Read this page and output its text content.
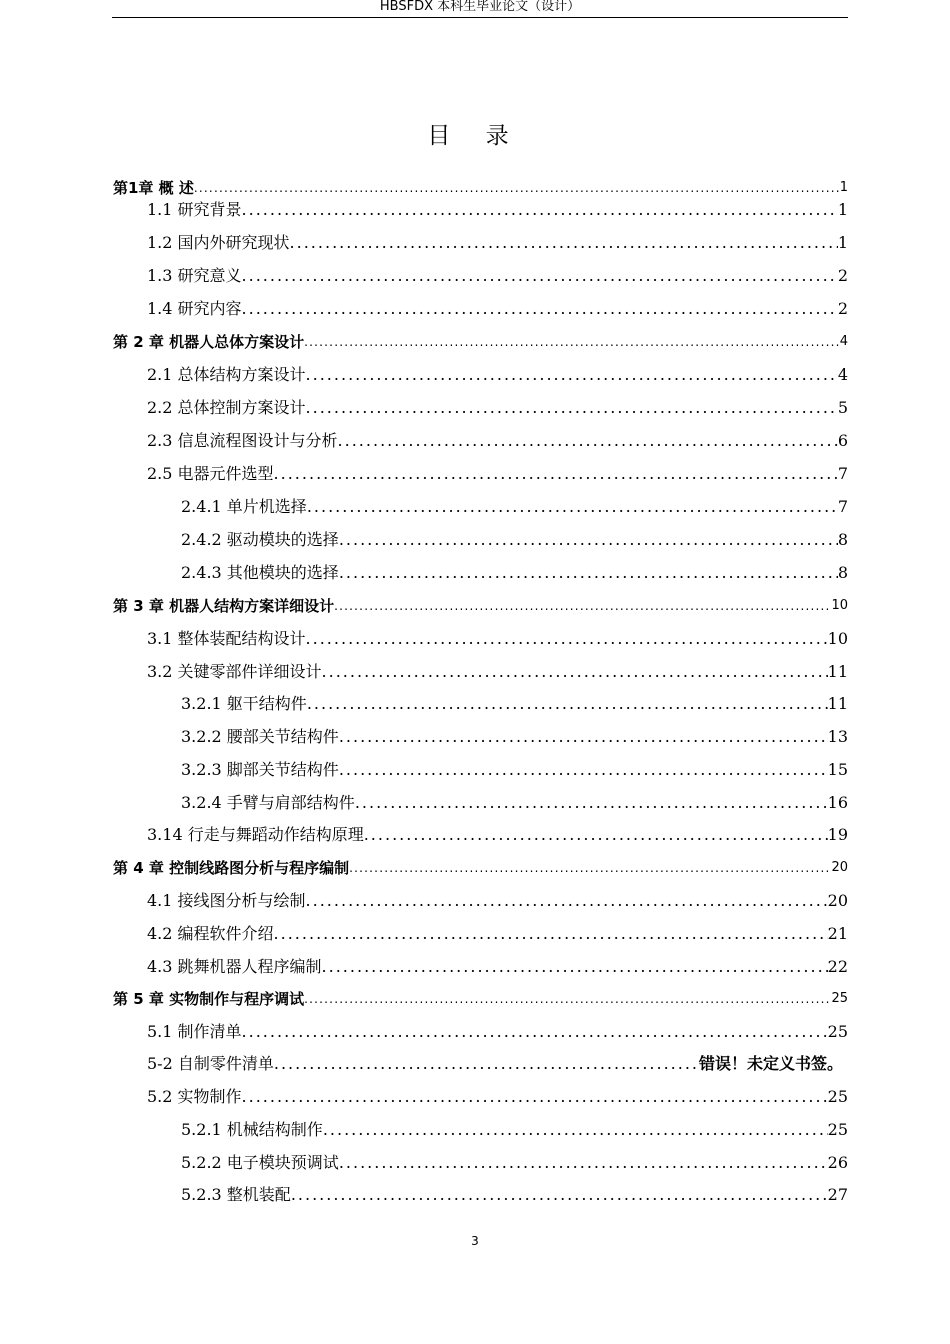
HBSFDX 本科生毕业论文（设计）
目 录
第1章 概 述 .....	1
1.1 研究背景 .....	1
1.2 国内外研究现状 .....	1
1.3 研究意义 .....	2
1.4 研究内容 .....	2
第 2 章 机器人总体方案设计 .....	4
2.1 总体结构方案设计 .....	4
2.2 总体控制方案设计 .....	5
2.3 信息流程图设计与分析 .....	6
2.5 电器元件选型 .....	7
2.4.1 单片机选择 .....	7
2.4.2 驱动模块的选择 .....	8
2.4.3 其他模块的选择 .....	8
第 3 章 机器人结构方案详细设计 .....	10
3.1 整体装配结构设计 .....	10
3.2 关键零部件详细设计 .....	11
3.2.1 躯干结构件 .....	11
3.2.2 腰部关节结构件 .....	13
3.2.3 脚部关节结构件 .....	15
3.2.4 手臂与肩部结构件 .....	16
3.14 行走与舞蹈动作结构原理 .....	19
第 4 章 控制线路图分析与程序编制 .....	20
4.1 接线图分析与绘制 .....	20
4.2 编程软件介绍 .....	21
4.3 跳舞机器人程序编制 .....	22
第 5 章 实物制作与程序调试 .....	25
5.1 制作清单 .....	25
5-2 自制零件清单 .....	错误！未定义书签。
5.2 实物制作 .....	25
5.2.1 机械结构制作 .....	25
5.2.2 电子模块预调试 .....	26
5.2.3 整机装配 .....	27
3
